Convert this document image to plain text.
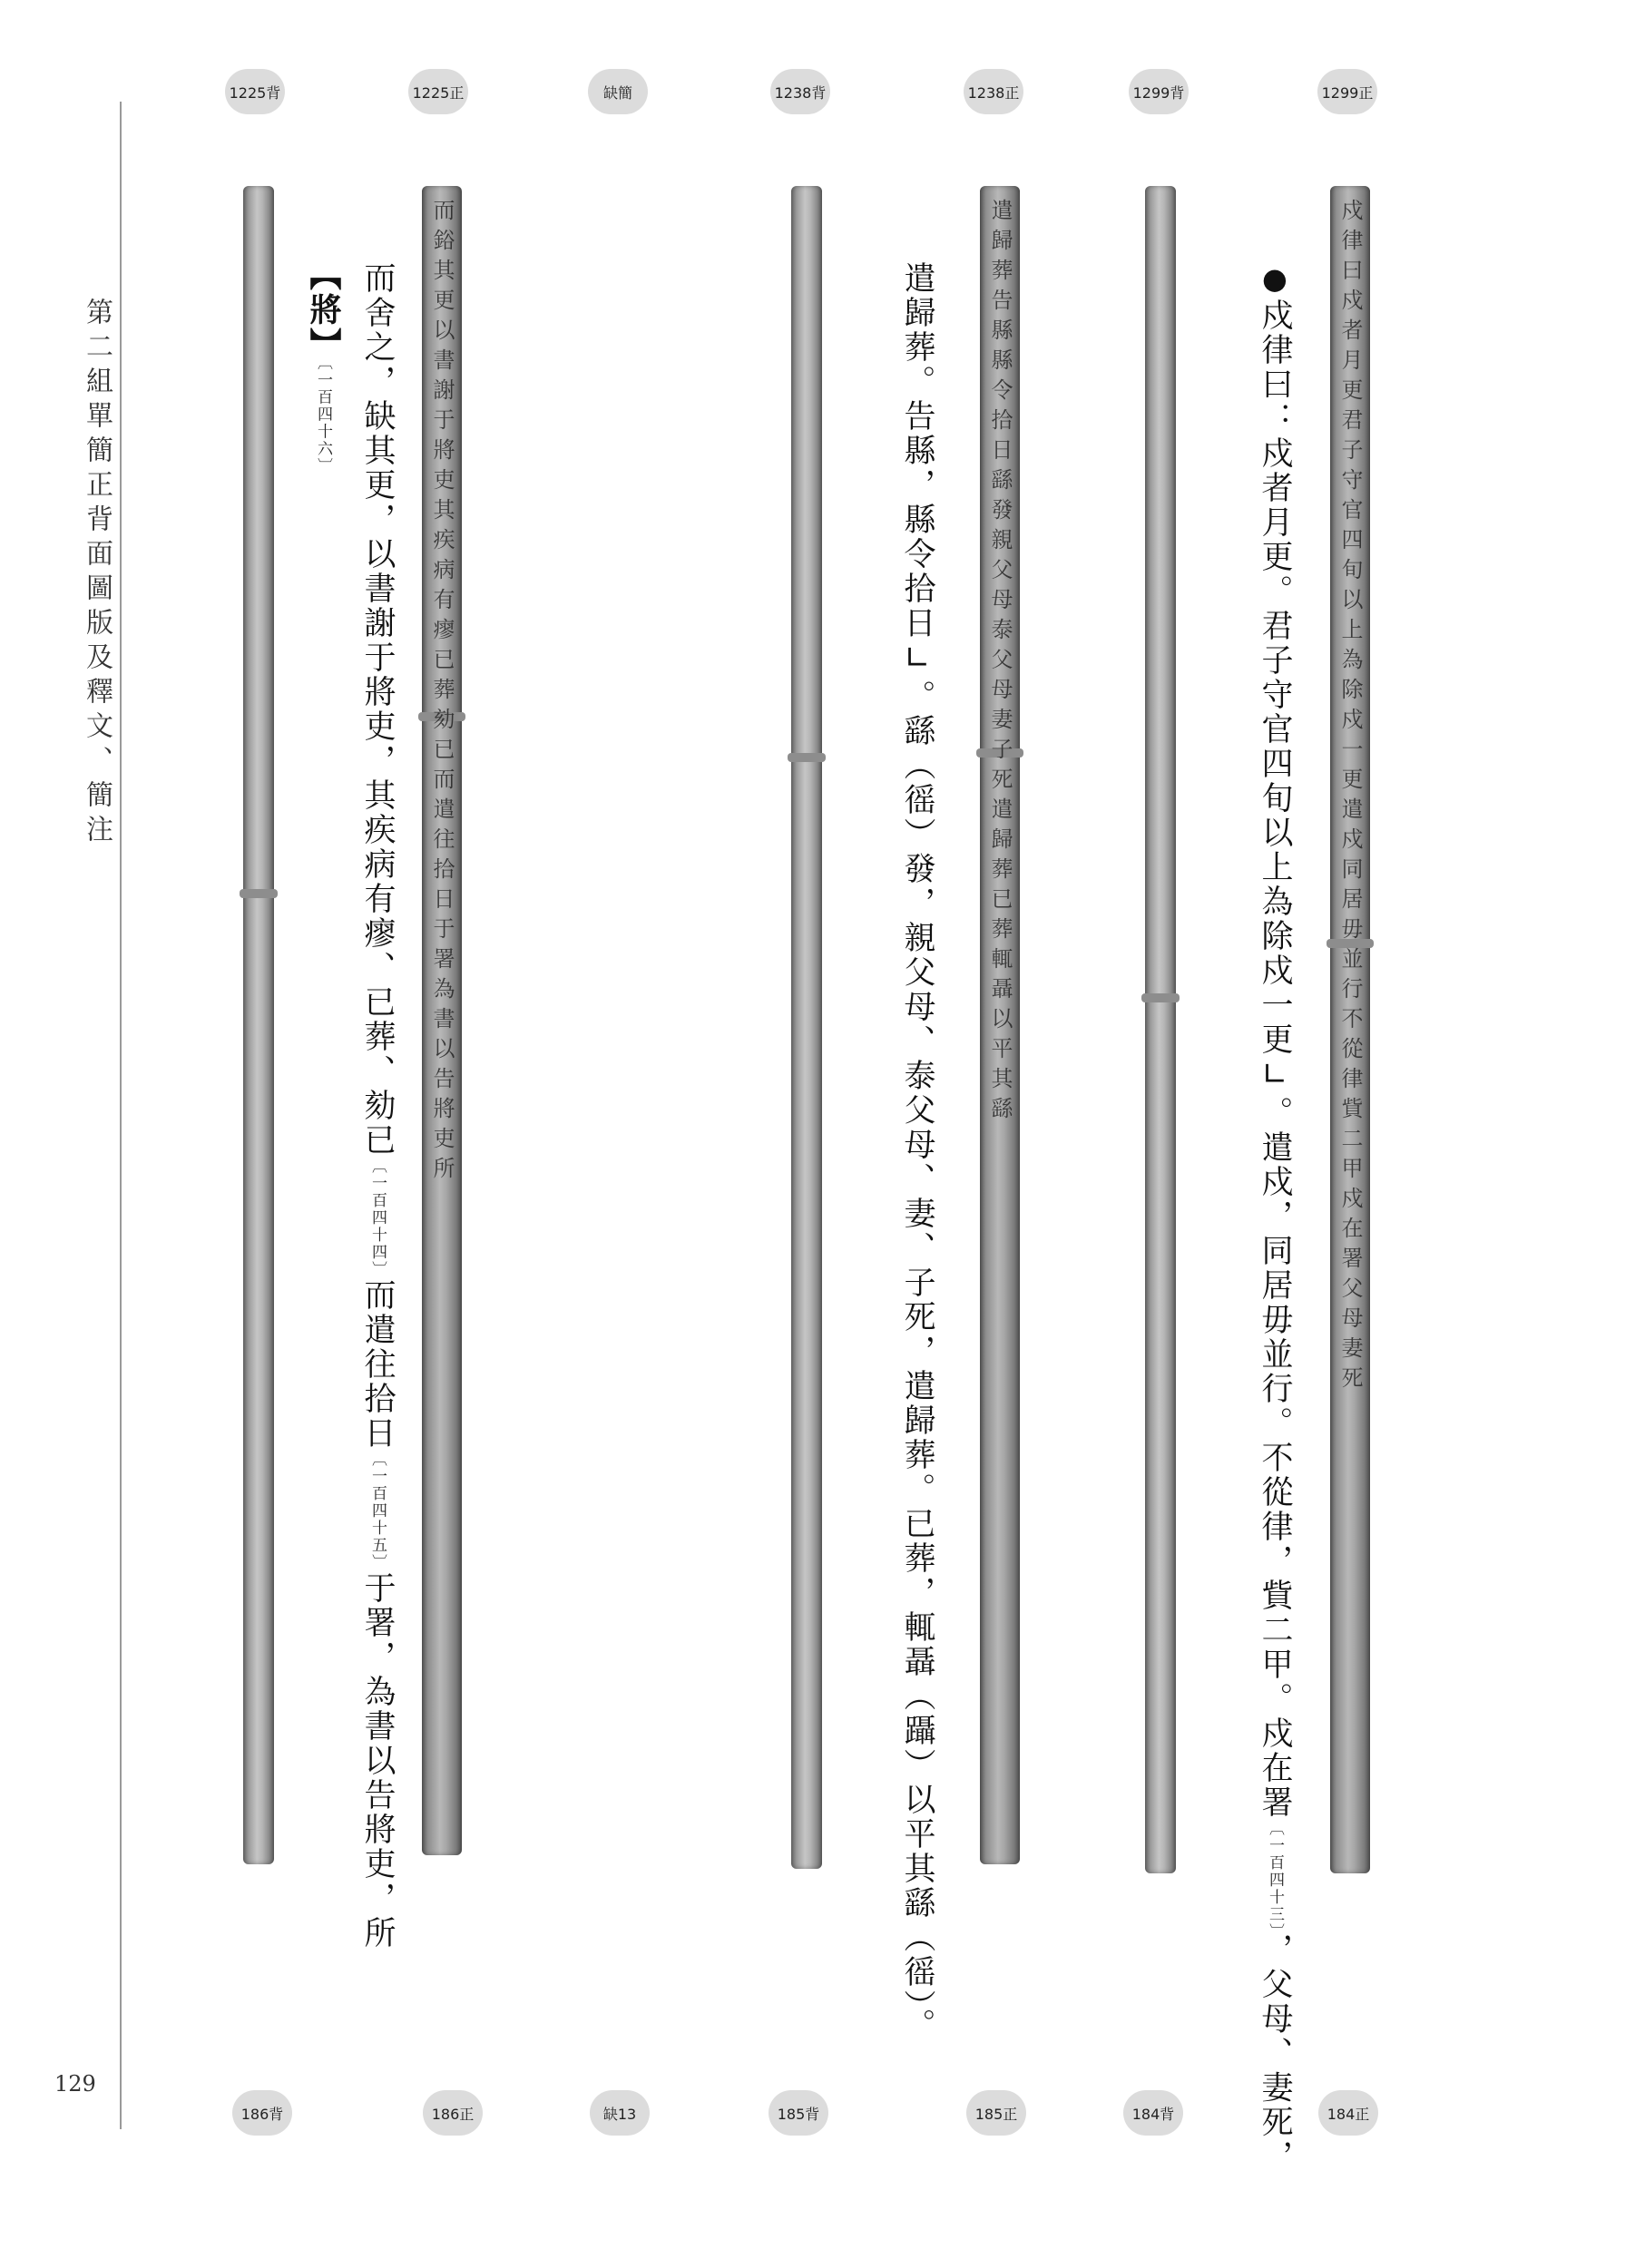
第二組單簡正背面圖版及釋文、簡注
129
1225背	1225正	缺簡	1238背	1238正	1299背	1299正
186背	186正	缺13	185背	185正	184背	184正
而鋊其更以書謝于將吏其疾病有瘳已葬劾已而遣往拾日于署為書以告將吏所	遣歸葬告縣縣令拾日繇發親父母泰父母妻子死遣歸葬已葬輒聶以平其繇	戍律曰戍者月更君子守官四旬以上為除戍一更遣戍同居毋並行不從律貲二甲戍在署父母妻死
●戍律曰：戍者月更。君子守官四旬以上為除戍一更∟。遣戍，同居毋並行。不從律，貲二甲。戍在署〔一百四十三〕，父母、妻死，
遣歸葬。告縣，縣令拾日∟。繇（徭）發，親父母、泰父母、妻、子死，遣歸葬。已葬，輒聶（躡）以平其繇（徭）。
而舍之，缺其更，以書謝于將吏，其疾病有瘳、已葬、劾已〔一百四十四〕而遣往拾日〔一百四十五〕于署，為書以告將吏，所
【將】〔一百四十六〕
